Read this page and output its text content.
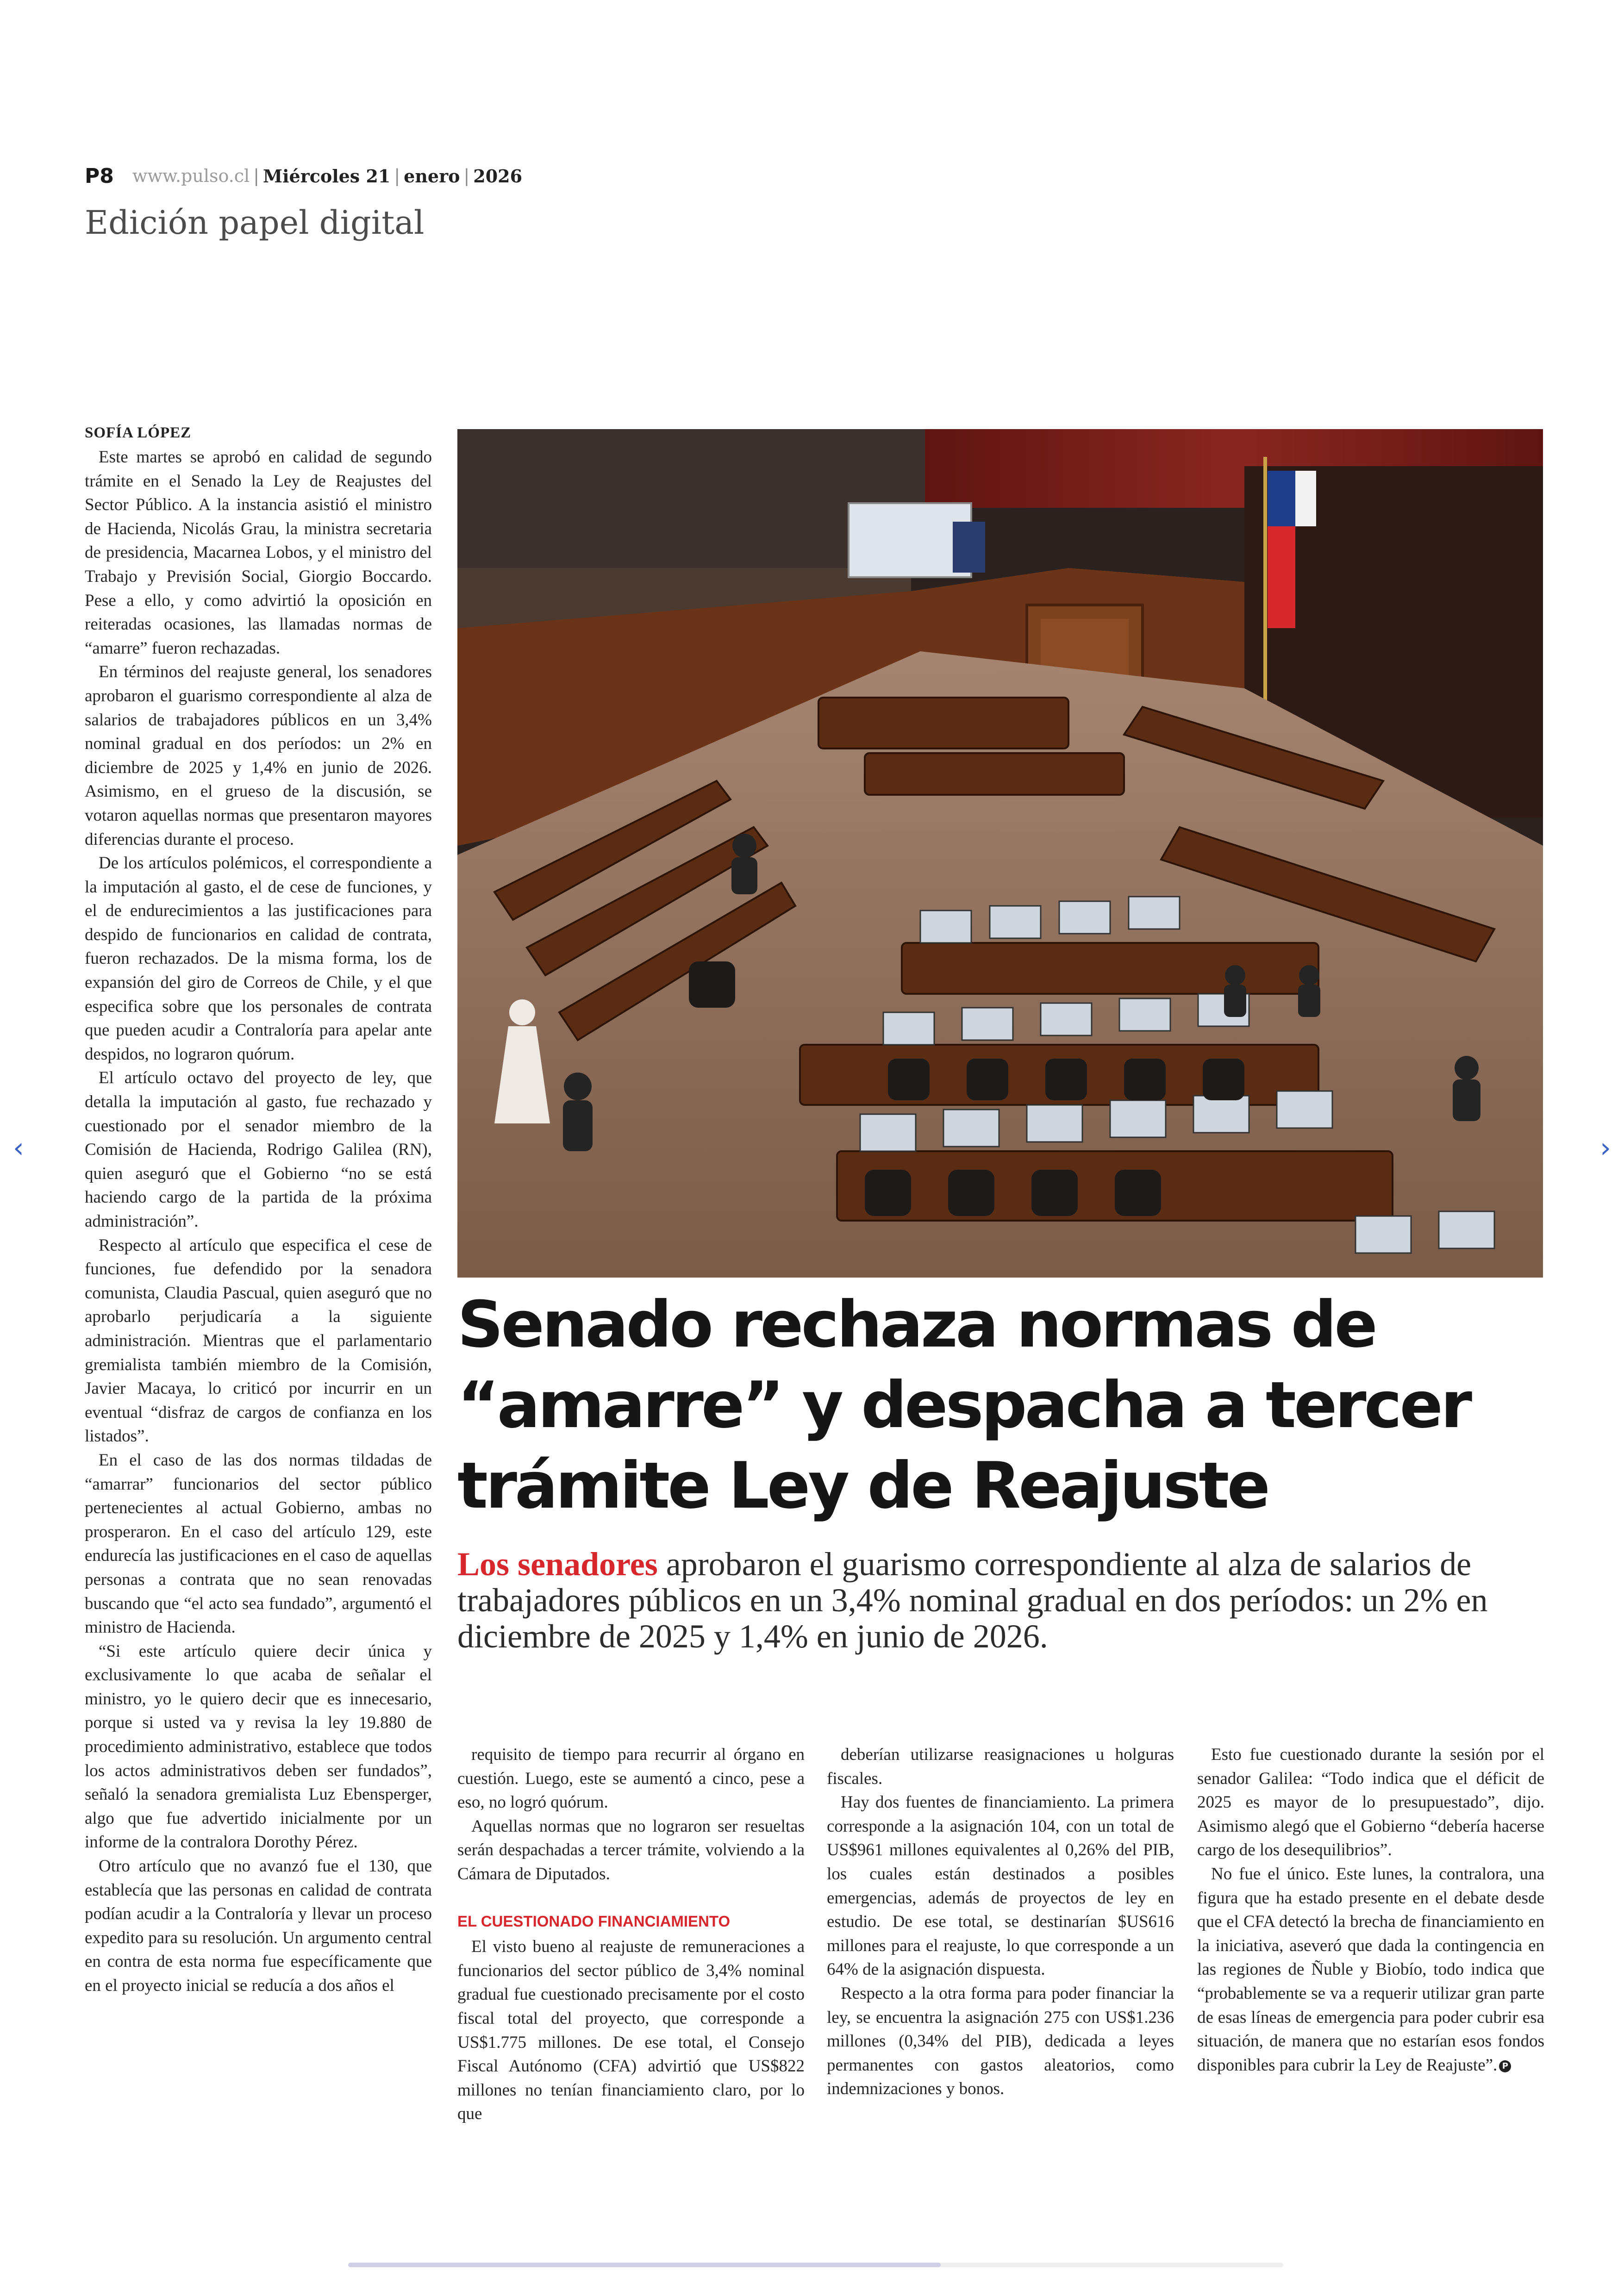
P8 www.pulso.cl | Miércoles 21 | enero | 2026
Edición papel digital
SOFÍA LÓPEZ

Este martes se aprobó en calidad de segundo trámite en el Senado la Ley de Reajustes del Sector Público. A la instancia asistió el ministro de Hacienda, Nicolás Grau, la ministra secretaria de presidencia, Macarnea Lobos, y el ministro del Trabajo y Previsión Social, Giorgio Boccardo. Pese a ello, y como advirtió la oposición en reiteradas ocasiones, las llamadas normas de “amarre” fueron rechazadas.

En términos del reajuste general, los senadores aprobaron el guarismo correspondiente al alza de salarios de trabajadores públicos en un 3,4% nominal gradual en dos períodos: un 2% en diciembre de 2025 y 1,4% en junio de 2026. Asimismo, en el grueso de la discusión, se votaron aquellas normas que presentaron mayores diferencias durante el proceso.

De los artículos polémicos, el correspondiente a la imputación al gasto, el de cese de funciones, y el de endurecimientos a las justificaciones para despido de funcionarios en calidad de contrata, fueron rechazados. De la misma forma, los de expansión del giro de Correos de Chile, y el que especifica sobre que los personales de contrata que pueden acudir a Contraloría para apelar ante despidos, no lograron quórum.

El artículo octavo del proyecto de ley, que detalla la imputación al gasto, fue rechazado y cuestionado por el senador miembro de la Comisión de Hacienda, Rodrigo Galilea (RN), quien aseguró que el Gobierno “no se está haciendo cargo de la partida de la próxima administración”.

Respecto al artículo que especifica el cese de funciones, fue defendido por la senadora comunista, Claudia Pascual, quien aseguró que no aprobarlo perjudicaría a la siguiente administración. Mientras que el parlamentario gremialista también miembro de la Comisión, Javier Macaya, lo criticó por incurrir en un eventual “disfraz de cargos de confianza en los listados”.

En el caso de las dos normas tildadas de “amarrar” funcionarios del sector público pertenecientes al actual Gobierno, ambas no prosperaron. En el caso del artículo 129, este endurecía las justificaciones en el caso de aquellas personas a contrata que no sean renovadas buscando que “el acto sea fundado”, argumentó el ministro de Hacienda.

“Si este artículo quiere decir única y exclusivamente lo que acaba de señalar el ministro, yo le quiero decir que es innecesario, porque si usted va y revisa la ley 19.880 de procedimiento administrativo, establece que todos los actos administrativos deben ser fundados”, señaló la senadora gremialista Luz Ebensperger, algo que fue advertido inicialmente por un informe de la contralora Dorothy Pérez.

Otro artículo que no avanzó fue el 130, que establecía que las personas en calidad de contrata podían acudir a la Contraloría y llevar un proceso expedito para su resolución. Un argumento central en contra de esta norma fue específicamente que en el proyecto inicial se reducía a dos años el

Senado rechaza normas de “amarre” y despacha a tercer trámite Ley de Reajuste
Los senadores aprobaron el guarismo correspondiente al alza de salarios de trabajadores públicos en un 3,4% nominal gradual en dos períodos: un 2% en diciembre de 2025 y 1,4% en junio de 2026.

requisito de tiempo para recurrir al órgano en cuestión. Luego, este se aumentó a cinco, pese a eso, no logró quórum.

Aquellas normas que no lograron ser resueltas serán despachadas a tercer trámite, volviendo a la Cámara de Diputados.

EL CUESTIONADO FINANCIAMIENTO

El visto bueno al reajuste de remuneraciones a funcionarios del sector público de 3,4% nominal gradual fue cuestionado precisamente por el costo fiscal total del proyecto, que corresponde a US$1.775 millones. De ese total, el Consejo Fiscal Autónomo (CFA) advirtió que US$822 millones no tenían financiamiento claro, por lo que

deberían utilizarse reasignaciones u holguras fiscales.

Hay dos fuentes de financiamiento. La primera corresponde a la asignación 104, con un total de US$961 millones equivalentes al 0,26% del PIB, los cuales están destinados a posibles emergencias, además de proyectos de ley en estudio. De ese total, se destinarían $US616 millones para el reajuste, lo que corresponde a un 64% de la asignación dispuesta.

Respecto a la otra forma para poder financiar la ley, se encuentra la asignación 275 con US$1.236 millones (0,34% del PIB), dedicada a leyes permanentes con gastos aleatorios, como indemnizaciones y bonos.

Esto fue cuestionado durante la sesión por el senador Galilea: “Todo indica que el déficit de 2025 es mayor de lo presupuestado”, dijo. Asimismo alegó que el Gobierno “debería hacerse cargo de los desequilibrios”.

No fue el único. Este lunes, la contralora, una figura que ha estado presente en el debate desde que el CFA detectó la brecha de financiamiento en la iniciativa, aseveró que dada la contingencia en las regiones de Ñuble y Biobío, todo indica que “probablemente se va a requerir utilizar gran parte de esas líneas de emergencia para poder cubrir esa situación, de manera que no estarían esos fondos disponibles para cubrir la Ley de Reajuste”. P

‹	›
